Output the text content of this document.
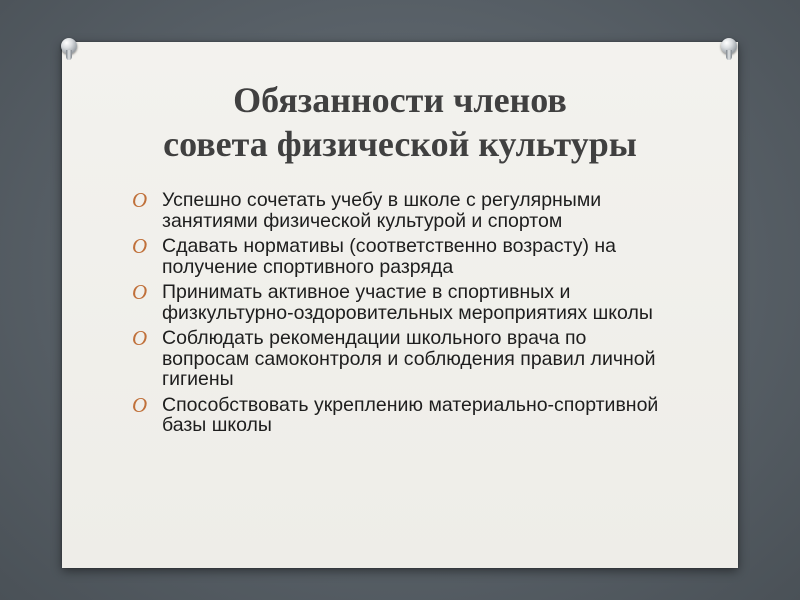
Обязанности членов
совета физической культуры
O Успешно сочетать учебу в школе с регулярными занятиями физической культурой и спортом
O Сдавать нормативы (соответственно возрасту) на получение спортивного разряда
O Принимать активное участие в спортивных и физкультурно-оздоровительных мероприятиях школы
O Соблюдать рекомендации школьного врача по вопросам самоконтроля и соблюдения правил личной гигиены
O Способствовать укреплению материально-спортивной базы школы
